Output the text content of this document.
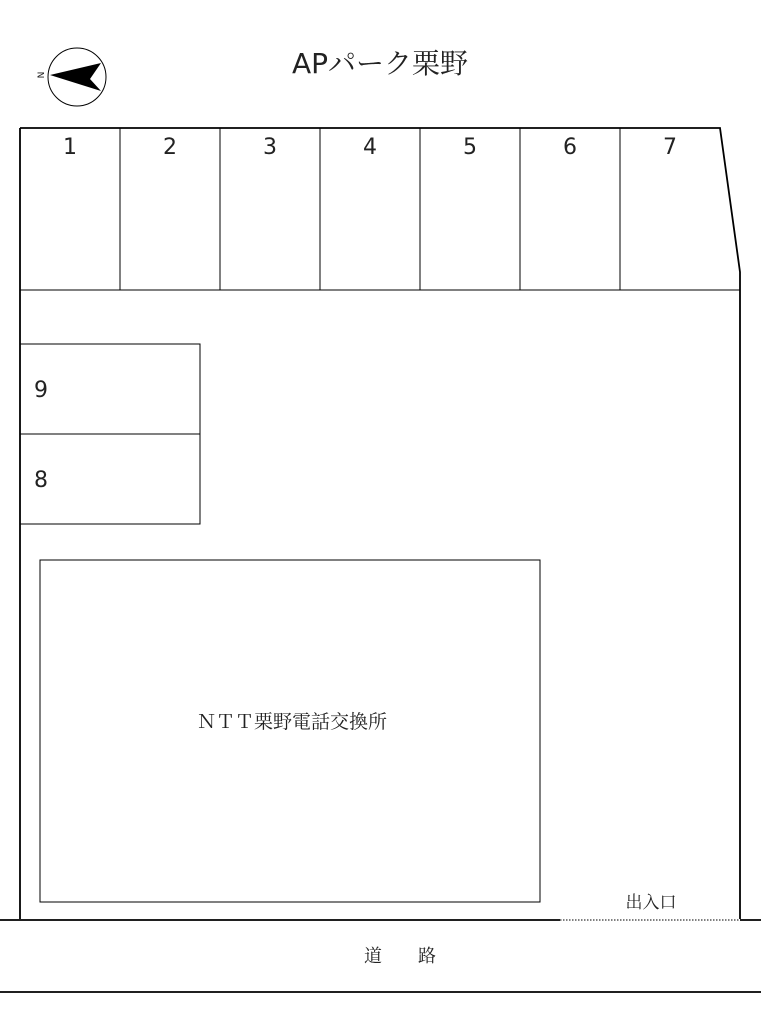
N	APパーク栗野
1	2	3	4	5	6	7
9
8
ＮＴＴ栗野電話交換所
出入口
道　　路
